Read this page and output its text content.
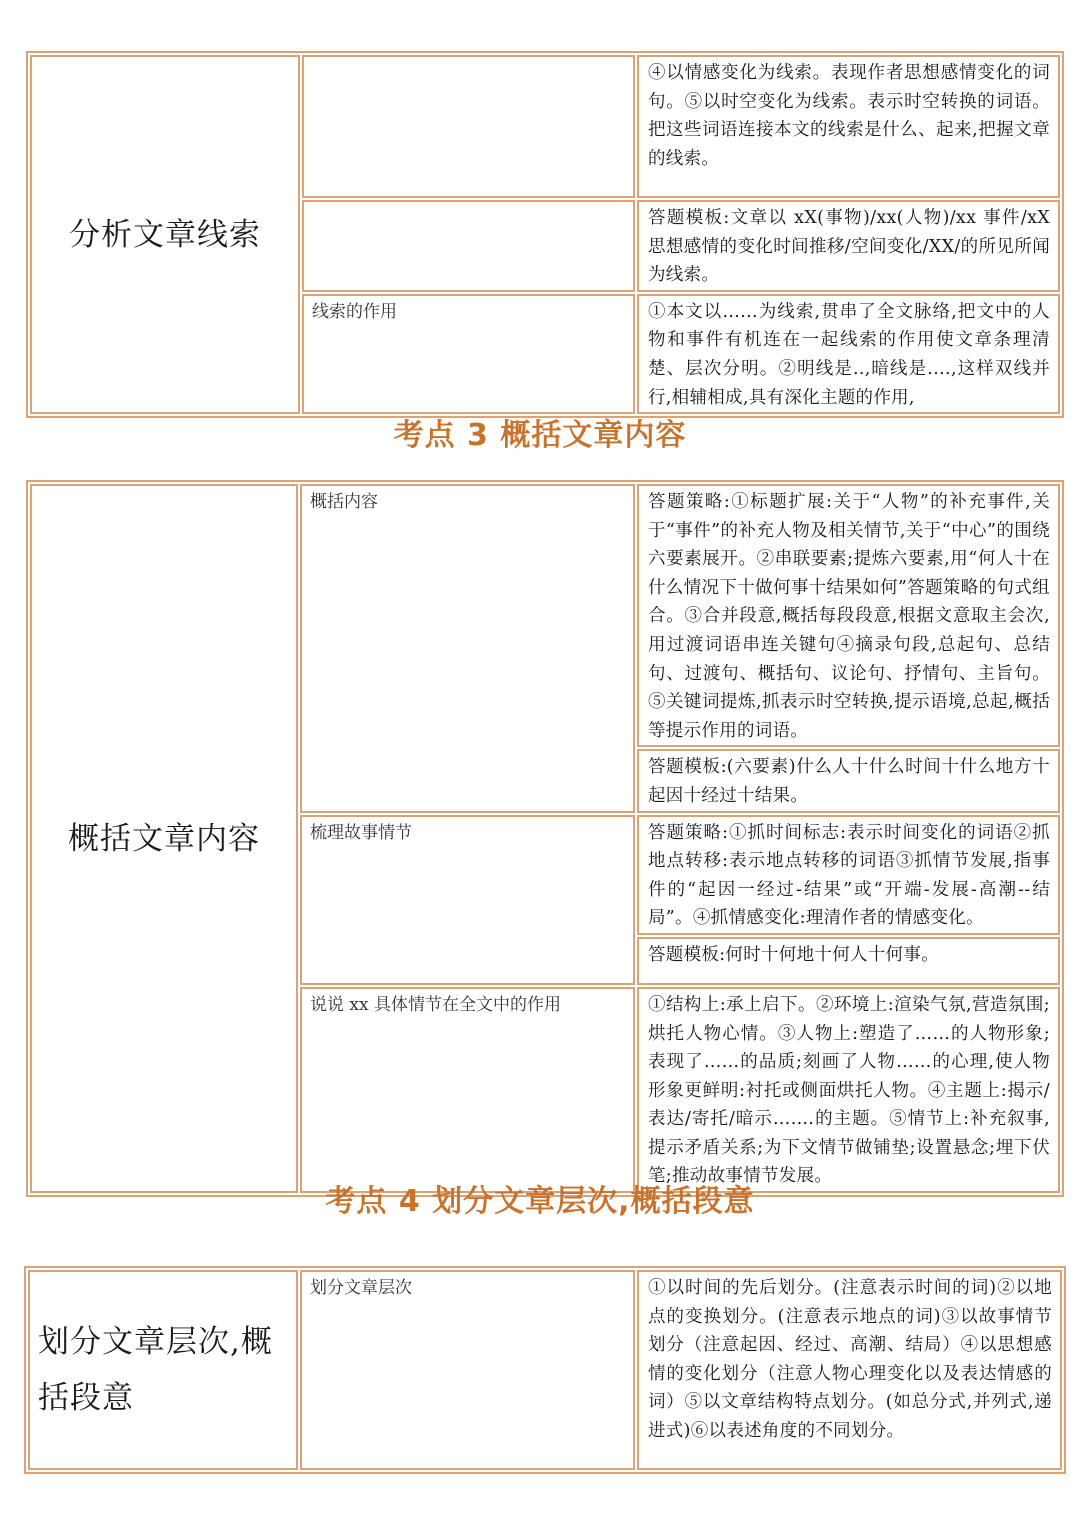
分析文章线索		④以情感变化为线索。表现作者思想感情变化的词句。⑤以时空变化为线索。表示时空转换的词语。把这些词语连接本文的线索是什么、起来,把握文章的线索。
		答题模板:文章以 xX(事物)/xx(人物)/xx 事件/xX 思想感情的变化时间推移/空间变化/XX/的所见所闻为线索。
	线索的作用	①本文以……为线索,贯串了全文脉络,把文中的人物和事件有机连在一起线索的作用使文章条理清楚、层次分明。②明线是..,暗线是.…,这样双线并行,相辅相成,具有深化主题的作用,
考点 3 概括文章内容
概括文章内容	概括内容	答题策略:①标题扩展:关于“人物”的补充事件,关于“事件”的补充人物及相关情节,关于“中心”的围绕六要素展开。②串联要素;提炼六要素,用“何人十在什么情况下十做何事十结果如何”答题策略的句式组合。③合并段意,概括每段段意,根据文意取主会次,用过渡词语串连关键句④摘录句段,总起句、总结句、过渡句、概括句、议论句、抒情句、主旨句。⑤关键词提炼,抓表示时空转换,提示语境,总起,概括等提示作用的词语。
		答题模板:(六要素)什么人十什么时间十什么地方十起因十经过十结果。
	梳理故事情节	答题策略:①抓时间标志:表示时间变化的词语②抓地点转移:表示地点转移的词语③抓情节发展,指事件的“起因一经过-结果”或“开端-发展-高潮--结局”。④抓情感变化:理清作者的情感变化。
		答题模板:何时十何地十何人十何事。
	说说 xx 具体情节在全文中的作用	①结构上:承上启下。②环境上:渲染气氛,营造氛围;烘托人物心情。③人物上:塑造了……的人物形象;表现了……的品质;刻画了人物……的心理,使人物形象更鲜明:衬托或侧面烘托人物。④主题上:揭示/表达/寄托/暗示….…的主题。⑤情节上:补充叙事,提示矛盾关系;为下文情节做铺垫;设置悬念;埋下伏笔;推动故事情节发展。
考点 4 划分文章层次,概括段意
划分文章层次,概括段意	划分文章层次	①以时间的先后划分。(注意表示时间的词)②以地点的变换划分。(注意表示地点的词)③以故事情节划分（注意起因、经过、高潮、结局）④以思想感情的变化划分（注意人物心理变化以及表达情感的词）⑤以文章结构特点划分。(如总分式,并列式,递进式)⑥以表述角度的不同划分。
